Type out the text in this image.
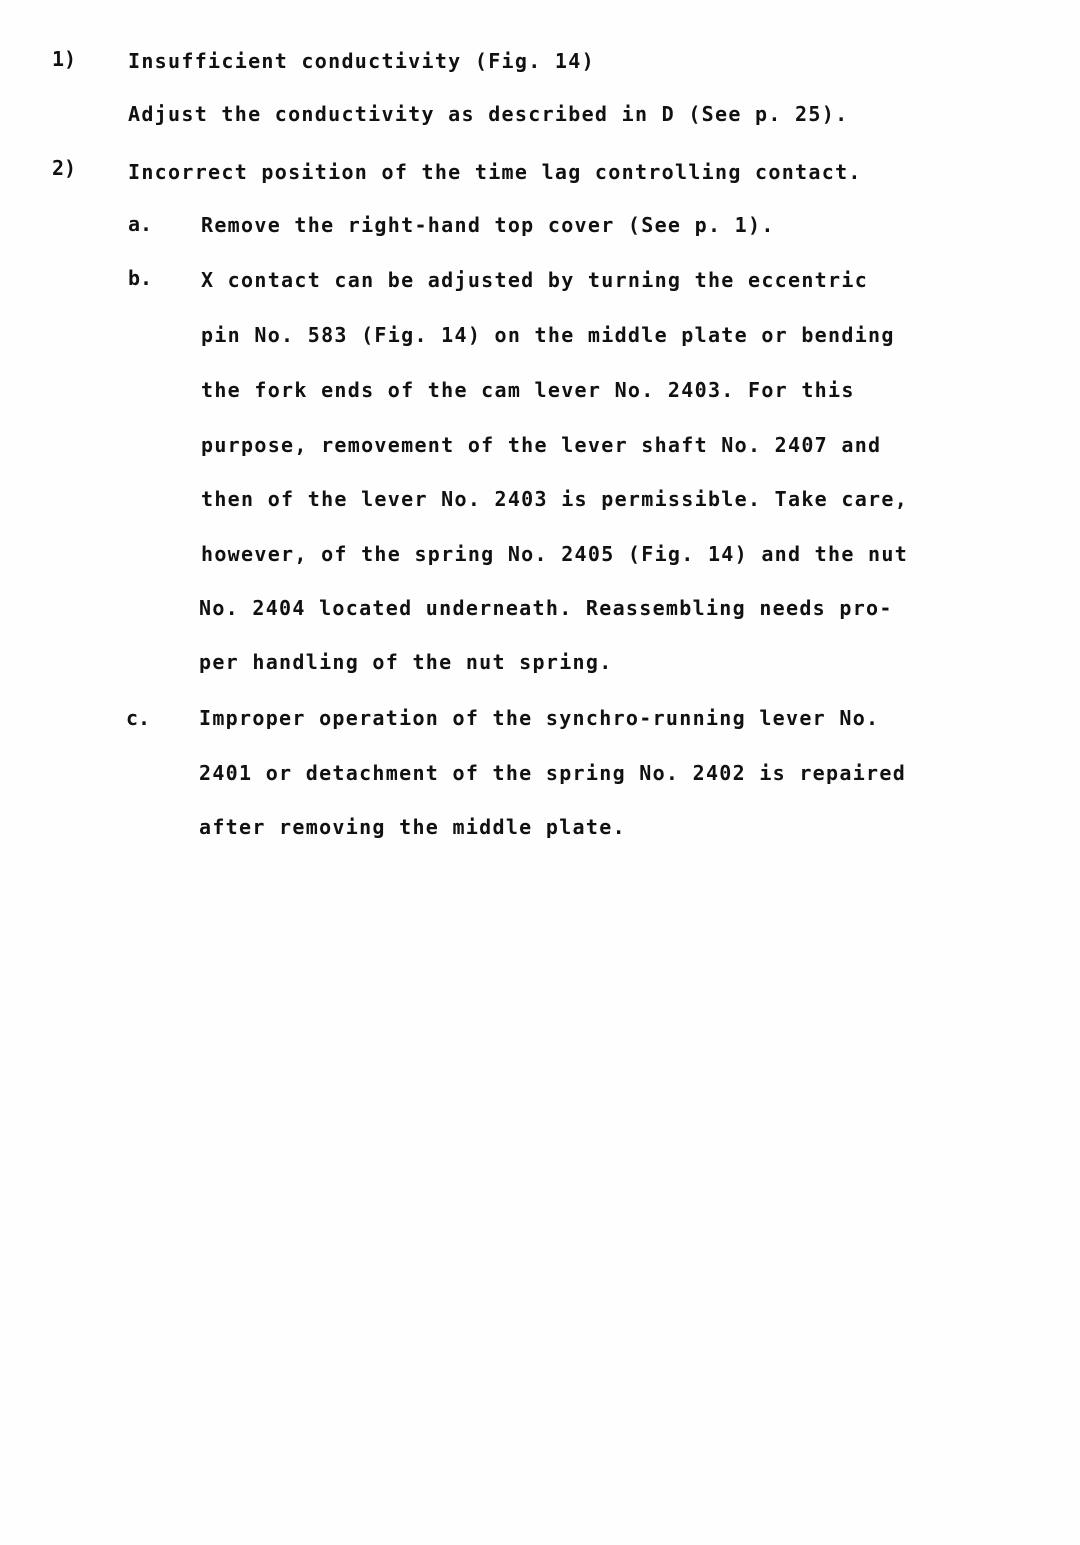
1)	Insufficient conductivity (Fig. 14)
Adjust the conductivity as described in D (See p. 25).
2)	Incorrect position of the time lag controlling contact.
a. Remove the right-hand top cover (See p. 1).
b. X contact can be adjusted by turning the eccentric
pin No. 583 (Fig. 14) on the middle plate or bending
the fork ends of the cam lever No. 2403. For this
purpose, removement of the lever shaft No. 2407 and
then of the lever No. 2403 is permissible. Take care,
however, of the spring No. 2405 (Fig. 14) and the nut
No. 2404 located underneath. Reassembling needs pro-
per handling of the nut spring.
c. Improper operation of the synchro-running lever No.
2401 or detachment of the spring No. 2402 is repaired
after removing the middle plate.
